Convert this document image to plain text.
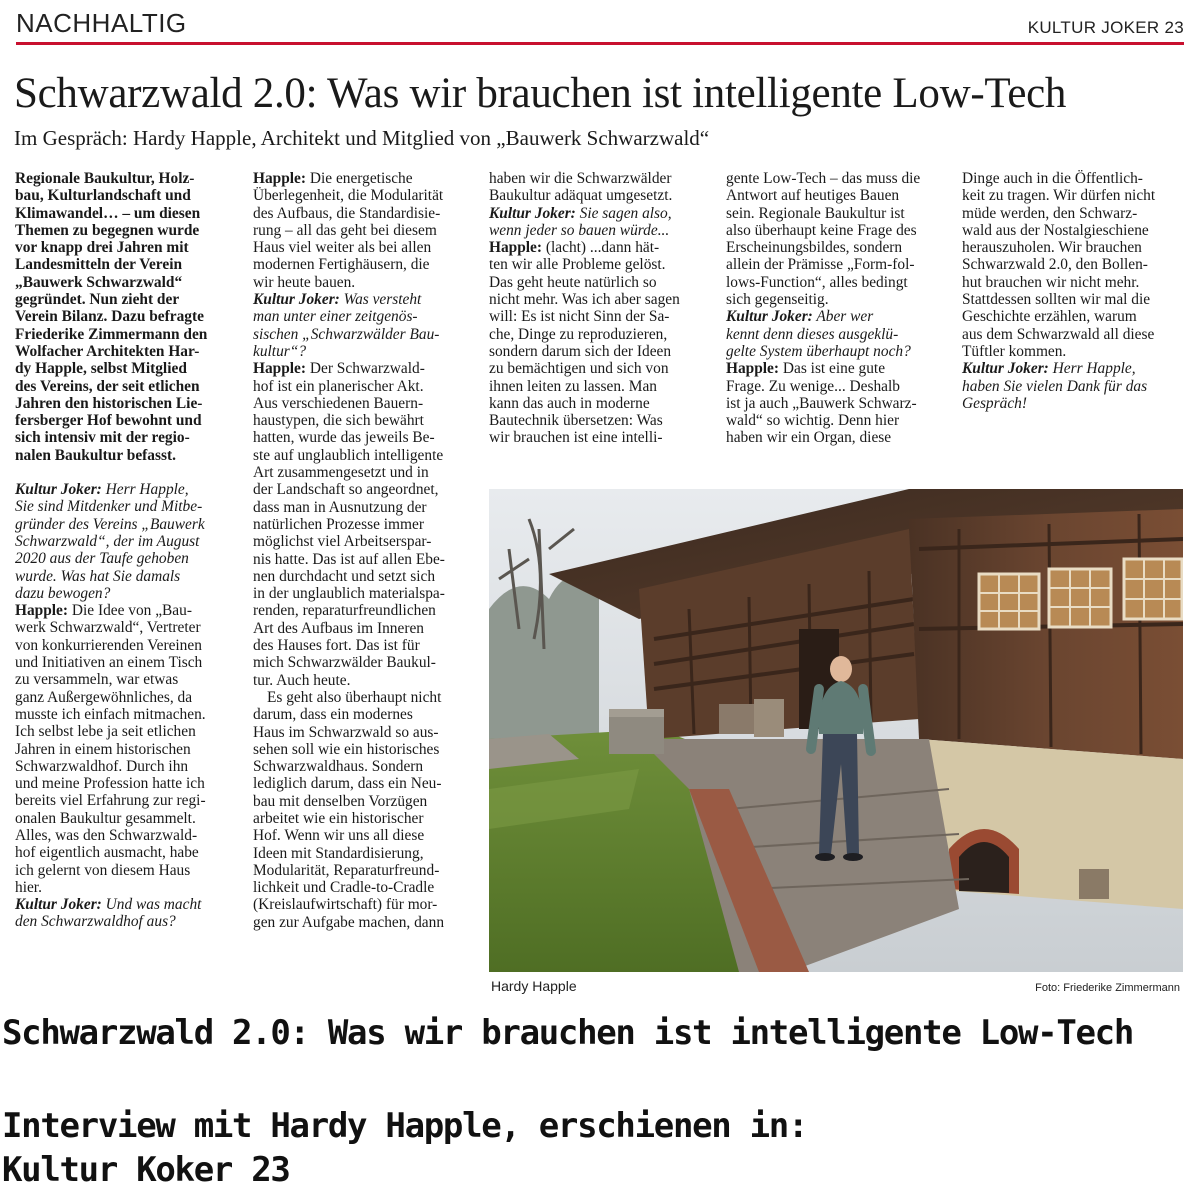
NACHHALTIG	KULTUR JOKER 23
Schwarzwald 2.0: Was wir brauchen ist intelligente Low-Tech
Im Gespräch: Hardy Happle, Architekt und Mitglied von „Bauwerk Schwarzwald“

Regionale Baukultur, Holz-

bau, Kulturlandschaft und

Klimawandel… – um diesen

Themen zu begegnen wurde

vor knapp drei Jahren mit

Landesmitteln der Verein

„Bauwerk Schwarzwald“

gegründet. Nun zieht der

Verein Bilanz. Dazu befragte

Friederike Zimmermann den

Wolfacher Architekten Har-

dy Happle, selbst Mitglied

des Vereins, der seit etlichen

Jahren den historischen Lie-

fersberger Hof bewohnt und

sich intensiv mit der regio-

nalen Baukultur befasst.

Kultur Joker: Herr Happle,

Sie sind Mitdenker und Mitbe-

gründer des Vereins „Bauwerk

Schwarzwald“, der im August

2020 aus der Taufe gehoben

wurde. Was hat Sie damals

dazu bewogen?

Happle: Die Idee von „Bau-

werk Schwarzwald“, Vertreter

von konkurrierenden Vereinen

und Initiativen an einem Tisch

zu versammeln, war etwas

ganz Außergewöhnliches, da

musste ich einfach mitmachen.

Ich selbst lebe ja seit etlichen

Jahren in einem historischen

Schwarzwaldhof. Durch ihn

und meine Profession hatte ich

bereits viel Erfahrung zur regi-

onalen Baukultur gesammelt.

Alles, was den Schwarzwald-

hof eigentlich ausmacht, habe

ich gelernt von diesem Haus

hier.

Kultur Joker: Und was macht

den Schwarzwaldhof aus?

Happle: Die energetische

Überlegenheit, die Modularität

des Aufbaus, die Standardisie-

rung – all das geht bei diesem

Haus viel weiter als bei allen

modernen Fertighäusern, die

wir heute bauen.

Kultur Joker: Was versteht

man unter einer zeitgenös-

sischen „Schwarzwälder Bau-

kultur“?

Happle: Der Schwarzwald-

hof ist ein planerischer Akt.

Aus verschiedenen Bauern-

haustypen, die sich bewährt

hatten, wurde das jeweils Be-

ste auf unglaublich intelligente

Art zusammengesetzt und in

der Landschaft so angeordnet,

dass man in Ausnutzung der

natürlichen Prozesse immer

möglichst viel Arbeitserspar-

nis hatte. Das ist auf allen Ebe-

nen durchdacht und setzt sich

in der unglaublich materialspa-

renden, reparaturfreundlichen

Art des Aufbaus im Inneren

des Hauses fort. Das ist für

mich Schwarzwälder Baukul-

tur. Auch heute.

Es geht also überhaupt nicht

darum, dass ein modernes

Haus im Schwarzwald so aus-

sehen soll wie ein historisches

Schwarzwaldhaus. Sondern

lediglich darum, dass ein Neu-

bau mit denselben Vorzügen

arbeitet wie ein historischer

Hof. Wenn wir uns all diese

Ideen mit Standardisierung,

Modularität, Reparaturfreund-

lichkeit und Cradle-to-Cradle

(Kreislaufwirtschaft) für mor-

gen zur Aufgabe machen, dann

haben wir die Schwarzwälder

Baukultur adäquat umgesetzt.

Kultur Joker: Sie sagen also,

wenn jeder so bauen würde...

Happle: (lacht) ...dann hät-

ten wir alle Probleme gelöst.

Das geht heute natürlich so

nicht mehr. Was ich aber sagen

will: Es ist nicht Sinn der Sa-

che, Dinge zu reproduzieren,

sondern darum sich der Ideen

zu bemächtigen und sich von

ihnen leiten zu lassen. Man

kann das auch in moderne

Bautechnik übersetzen: Was

wir brauchen ist eine intelli-

gente Low-Tech – das muss die

Antwort auf heutiges Bauen

sein. Regionale Baukultur ist

also überhaupt keine Frage des

Erscheinungsbildes, sondern

allein der Prämisse „Form-fol-

lows-Function“, alles bedingt

sich gegenseitig.

Kultur Joker: Aber wer

kennt denn dieses ausgeklü-

gelte System überhaupt noch?

Happle: Das ist eine gute

Frage. Zu wenige... Deshalb

ist ja auch „Bauwerk Schwarz-

wald“ so wichtig. Denn hier

haben wir ein Organ, diese

Dinge auch in die Öffentlich-

keit zu tragen. Wir dürfen nicht

müde werden, den Schwarz-

wald aus der Nostalgieschiene

herauszuholen. Wir brauchen

Schwarzwald 2.0, den Bollen-

hut brauchen wir nicht mehr.

Stattdessen sollten wir mal die

Geschichte erzählen, warum

aus dem Schwarzwald all diese

Tüftler kommen.

Kultur Joker: Herr Happle,

haben Sie vielen Dank für das

Gespräch!

Hardy Happle	Foto: Friederike Zimmermann
Schwarzwald 2.0: Was wir brauchen ist intelligente Low-Tech
Interview mit Hardy Happle, erschienen in:
Kultur Koker 23
